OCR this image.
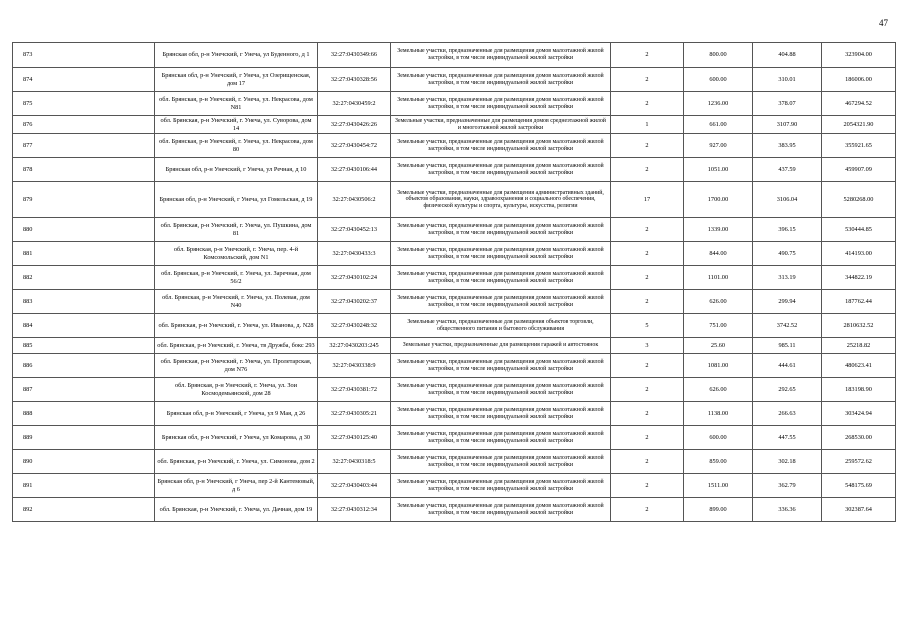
47
873	Брянская обл, р-н Унечский, г Унеча, ул Буденного, д 1	32:27:0430349:66	Земельные участки, предназначенные для размещения домов малоэтажной жилой застройки, в том числе индивидуальной жилой застройки	2	800.00	404.88	323904.00
874	Брянская обл, р-н Унечский, г Унеча, ул Озерищенская, дом 17	32:27:0430328:56	Земельные участки, предназначенные для размещения домов малоэтажной жилой застройки, в том числе индивидуальной жилой застройки	2	600.00	310.01	186006.00
875	обл. Брянская, р-н Унечский, г. Унеча, ул. Некрасова, дом N81	32:27:0430459:2	Земельные участки, предназначенные для размещения домов малоэтажной жилой застройки, в том числе индивидуальной жилой застройки	2	1236.00	378.07	467294.52
876	обл. Брянская, р-н Унечский, г. Унеча, ул. Суворова, дом 14	32:27:0430426:26	Земельные участки, предназначенные для размещения домов среднеэтажной жилой и многоэтажной жилой застройки	1	661.00	3107.90	2054321.90
877	обл. Брянская, р-н Унечский, г. Унеча, ул. Некрасова, дом 80	32:27:0430454:72	Земельные участки, предназначенные для размещения домов малоэтажной жилой застройки, в том числе индивидуальной жилой застройки	2	927.00	383.95	355921.65
878	Брянская обл, р-н Унечский, г Унеча, ул Речная, д 10	32:27:0430106:44	Земельные участки, предназначенные для размещения домов малоэтажной жилой застройки, в том числе индивидуальной жилой застройки	2	1051.00	437.59	459907.09
879	Брянская обл, р-н Унечский, г Унеча, ул Гомельская, д 19	32:27:0430506:2	Земельные участки, предназначенные для размещения административных зданий, объектов образования, науки, здравоохранения и социального обеспечения, физической культуры и спорта, культуры, искусства, религии	17	1700.00	3106.04	5280268.00
880	обл. Брянская, р-н Унечский, г. Унеча, ул. Пушкина, дом 81	32:27:0430452:13	Земельные участки, предназначенные для размещения домов малоэтажной жилой застройки, в том числе индивидуальной жилой застройки	2	1339.00	396.15	530444.85
881	обл. Брянская, р-н Унечский, г. Унеча, пер. 4-й Комсомольский, дом N1	32:27:0430433:3	Земельные участки, предназначенные для размещения домов малоэтажной жилой застройки, в том числе индивидуальной жилой застройки	2	844.00	490.75	414193.00
882	обл. Брянская, р-н Унечский, г. Унеча, ул. Заречная, дом 56/2	32:27:0430102:24	Земельные участки, предназначенные для размещения домов малоэтажной жилой застройки, в том числе индивидуальной жилой застройки	2	1101.00	313.19	344822.19
883	обл. Брянская, р-н Унечский, г. Унеча, ул. Полевая, дом N40	32:27:0430202:37	Земельные участки, предназначенные для размещения домов малоэтажной жилой застройки, в том числе индивидуальной жилой застройки	2	626.00	299.94	187762.44
884	обл. Брянская, р-н Унечский, г. Унеча, ул. Иванова, д. N28	32:27:0430248:32	Земельные участки, предназначенные для размещения объектов торговли, общественного питания и бытового обслуживания	5	751.00	3742.52	2810632.52
885	обл. Брянская, р-н Унечский, г. Унеча, тв Дружба, бокс 293	32:27:0430203:245	Земельные участки, предназначенные для размещения гаражей и автостоянок	3	25.60	985.11	25218.82
886	обл. Брянская, р-н Унечский, г. Унеча, ул. Пролетарская, дом N76	32:27:0430338:9	Земельные участки, предназначенные для размещения домов малоэтажной жилой застройки, в том числе индивидуальной жилой застройки	2	1081.00	444.61	480623.41
887	обл. Брянская, р-н Унечский, г. Унеча, ул. Зои Космодемьянской, дом 28	32:27:0430381:72	Земельные участки, предназначенные для размещения домов малоэтажной жилой застройки, в том числе индивидуальной жилой застройки	2	626.00	292.65	183198.90
888	Брянская обл, р-н Унечский, г Унеча, ул 9 Мая, д 26	32:27:0430305:21	Земельные участки, предназначенные для размещения домов малоэтажной жилой застройки, в том числе индивидуальной жилой застройки	2	1138.00	266.63	303424.94
889	Брянская обл, р-н Унечский, г Унеча, ул Комарова, д 30	32:27:0430125:40	Земельные участки, предназначенные для размещения домов малоэтажной жилой застройки, в том числе индивидуальной жилой застройки	2	600.00	447.55	268530.00
890	обл. Брянская, р-н Унечский, г. Унеча, ул. Симонова, дом 2	32:27:0430318:5	Земельные участки, предназначенные для размещения домов малоэтажной жилой застройки, в том числе индивидуальной жилой застройки	2	859.00	302.18	259572.62
891	Брянская обл, р-н Унечский, г Унеча, пер 2-й Кантемовый, д 6	32:27:0430403:44	Земельные участки, предназначенные для размещения домов малоэтажной жилой застройки, в том числе индивидуальной жилой застройки	2	1511.00	362.79	548175.69
892	обл. Брянская, р-н Унечский, г. Унеча, ул. Дачная, дом 19	32:27:0430312:34	Земельные участки, предназначенные для размещения домов малоэтажной жилой застройки, в том числе индивидуальной жилой застройки	2	899.00	336.36	302387.64
